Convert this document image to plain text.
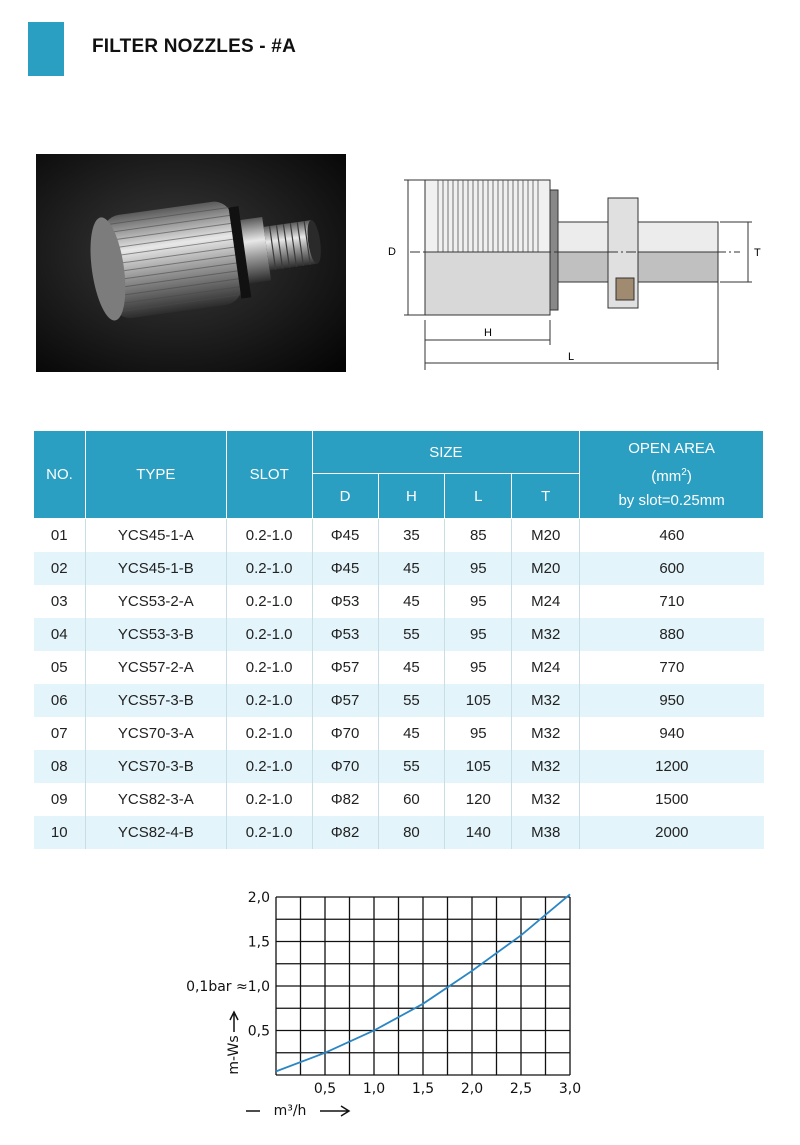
FILTER NOZZLES - #A
D
H
L
T
NO.	TYPE	SLOT	SIZE				OPEN AREA
$(mm^2)$
by slot=0.25mm

			D	H	L	T	
01	YCS45-1-A	0.2-1.0	Φ45	35	85	M20	460
02	YCS45-1-B	0.2-1.0	Φ45	45	95	M20	600
03	YCS53-2-A	0.2-1.0	Φ53	45	95	M24	710
04	YCS53-3-B	0.2-1.0	Φ53	55	95	M32	880
05	YCS57-2-A	0.2-1.0	Φ57	45	95	M24	770
06	YCS57-3-B	0.2-1.0	Φ57	55	105	M32	950
07	YCS70-3-A	0.2-1.0	Φ70	45	95	M32	940
08	YCS70-3-B	0.2-1.0	Φ70	55	105	M32	1200
09	YCS82-3-A	0.2-1.0	Φ82	60	120	M32	1500
10	YCS82-4-B	0.2-1.0	Φ82	80	140	M38	2000
0,5 1,0 1,5 2,0 2,5 3,0
0,5
0,1bar ≈1,0
1,5
2,0
m-Ws
m³/h
